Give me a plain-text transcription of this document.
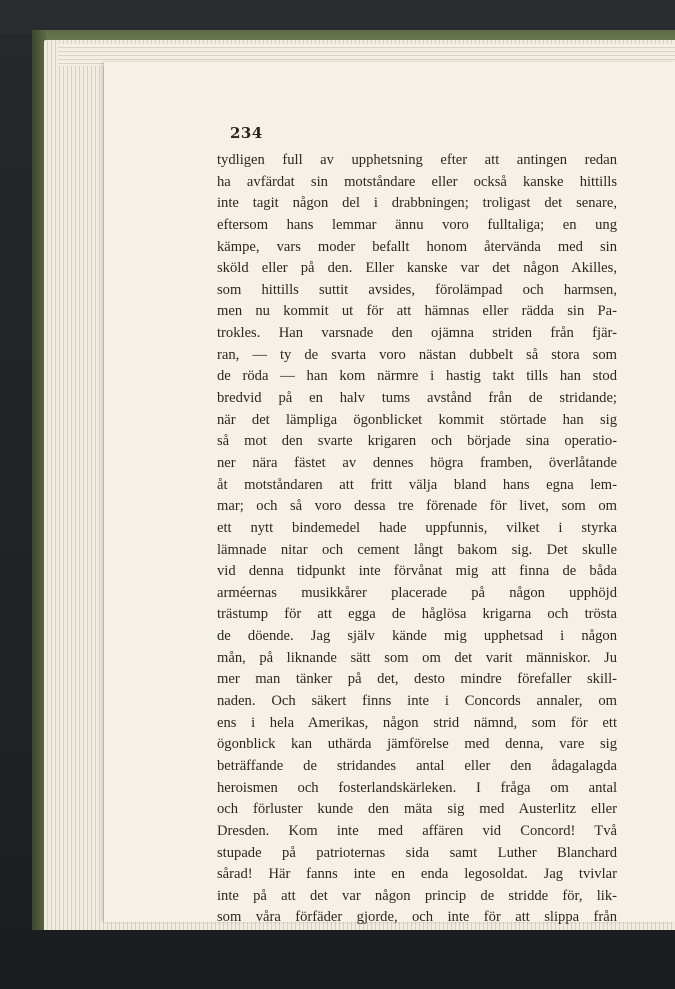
234
tydligen full av upphetsning efter att antingen redan
ha avfärdat sin motståndare eller också kanske hittills
inte tagit någon del i drabbningen; troligast det senare,
eftersom hans lemmar ännu voro fulltaliga; en ung
kämpe, vars moder befallt honom återvända med sin
sköld eller på den. Eller kanske var det någon Akilles,
som hittills suttit avsides, förolämpad och harmsen,
men nu kommit ut för att hämnas eller rädda sin Pa-
trokles. Han varsnade den ojämna striden från fjär-
ran, — ty de svarta voro nästan dubbelt så stora som
de röda — han kom närmre i hastig takt tills han stod
bredvid på en halv tums avstånd från de stridande;
när det lämpliga ögonblicket kommit störtade han sig
så mot den svarte krigaren och började sina operatio-
ner nära fästet av dennes högra framben, överlåtande
åt motståndaren att fritt välja bland hans egna lem-
mar; och så voro dessa tre förenade för livet, som om
ett nytt bindemedel hade uppfunnis, vilket i styrka
lämnade nitar och cement långt bakom sig. Det skulle
vid denna tidpunkt inte förvånat mig att finna de båda
arméernas musikkårer placerade på någon upphöjd
trästump för att egga de håglösa krigarna och trösta
de döende. Jag själv kände mig upphetsad i någon
mån, på liknande sätt som om det varit människor. Ju
mer man tänker på det, desto mindre förefaller skill-
naden. Och säkert finns inte i Concords annaler, om
ens i hela Amerikas, någon strid nämnd, som för ett
ögonblick kan uthärda jämförelse med denna, vare sig
beträffande de stridandes antal eller den ådagalagda
heroismen och fosterlandskärleken. I fråga om antal
och förluster kunde den mäta sig med Austerlitz eller
Dresden. Kom inte med affären vid Concord! Två
stupade på patrioternas sida samt Luther Blanchard
sårad! Här fanns inte en enda legosoldat. Jag tvivlar
inte på att det var någon princip de stridde för, lik-
som våra förfäder gjorde, och inte för att slippa från
